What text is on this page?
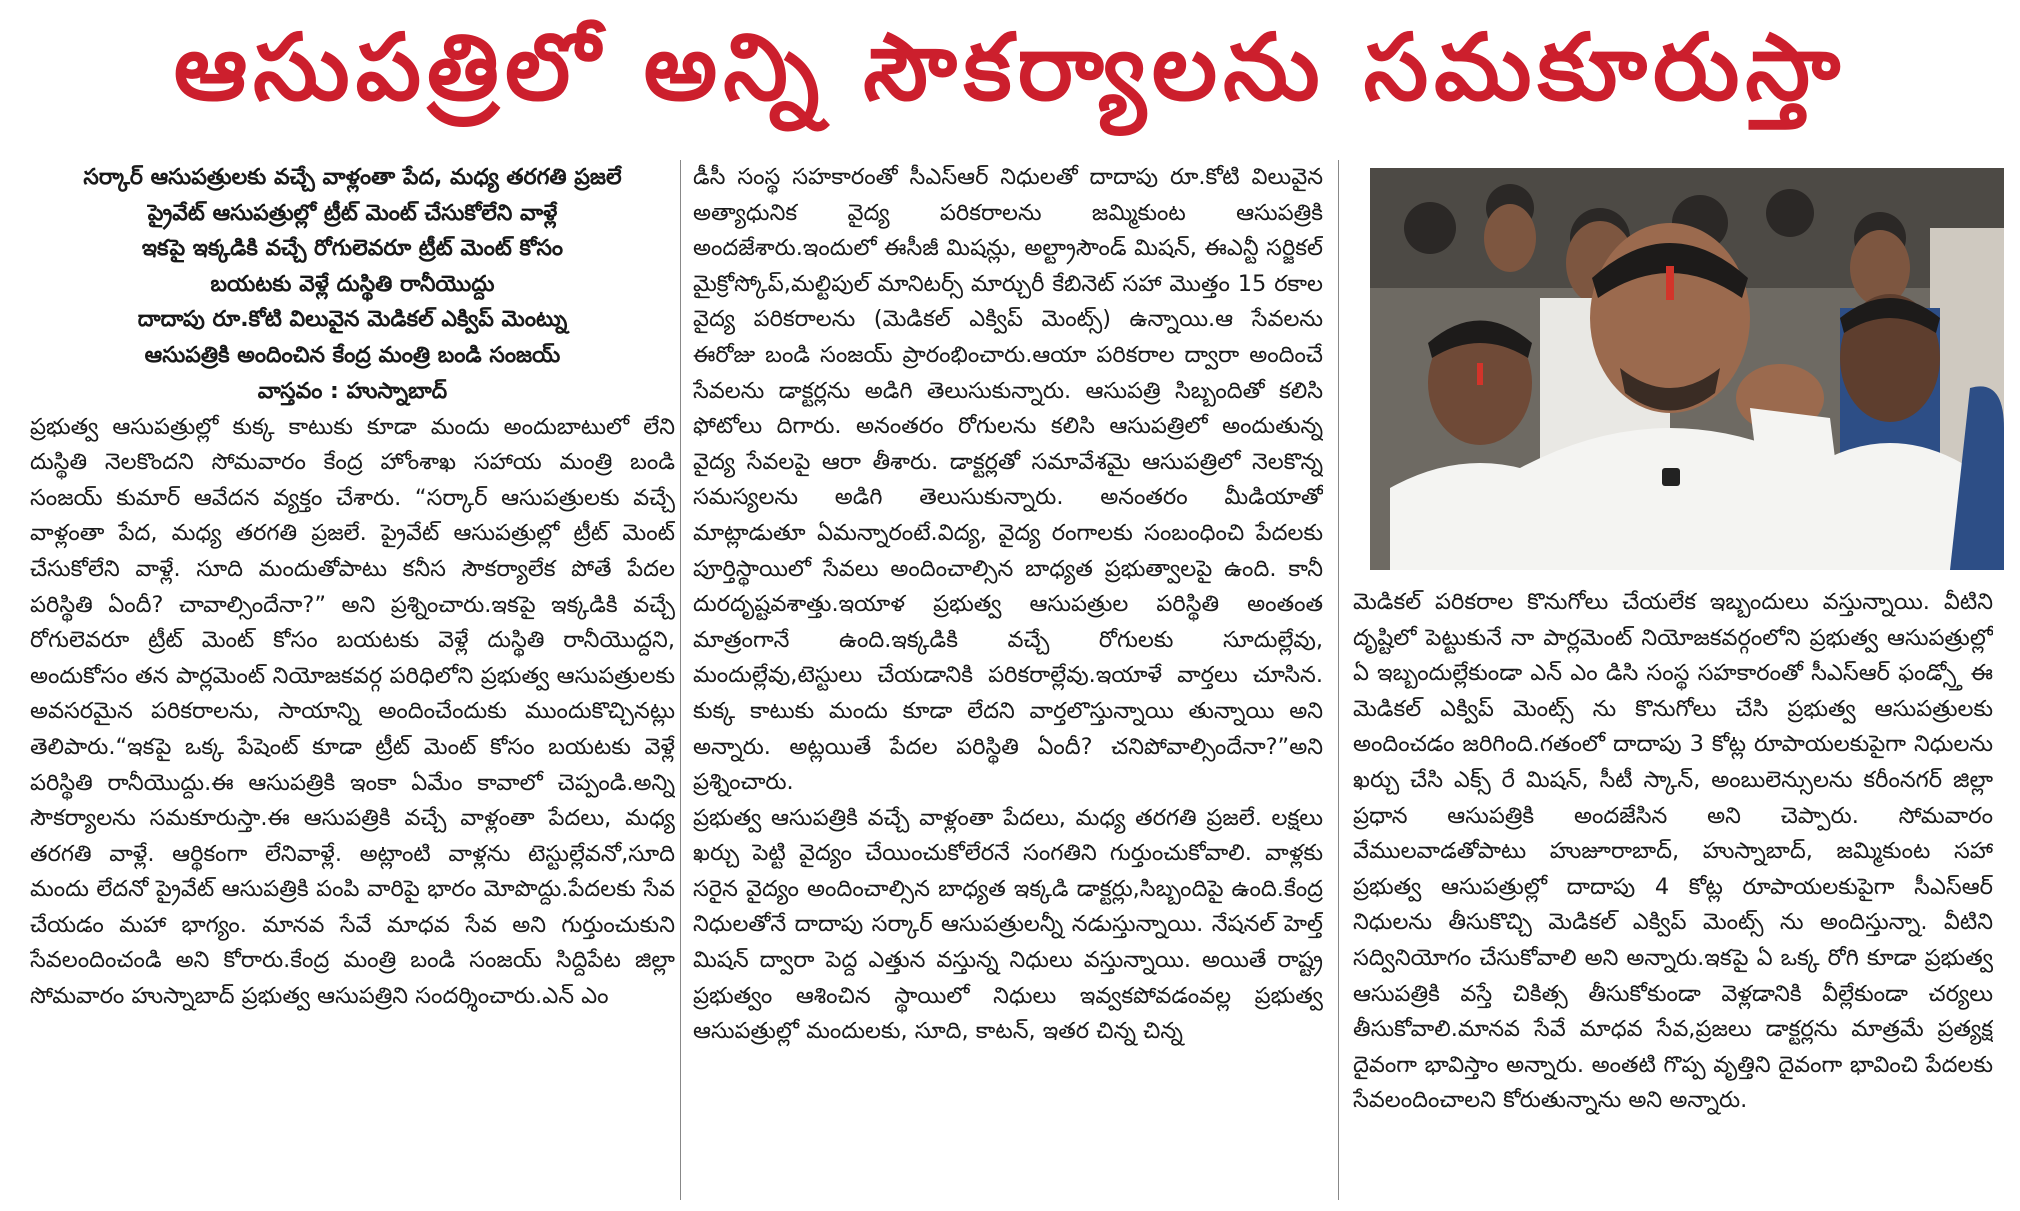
ఆసుపత్రిలో అన్ని సౌకర్యాలను సమకూరుస్తా

సర్కార్ ఆసుపత్రులకు వచ్చే వాళ్లంతా పేద, మధ్య తరగతి ప్రజలే

ప్రైవేట్ ఆసుపత్రుల్లో ట్రీట్ మెంట్ చేసుకోలేని వాళ్లే

ఇకపై ఇక్కడికి వచ్చే రోగులెవరూ ట్రీట్ మెంట్ కోసం

బయటకు వెళ్లే దుస్థితి రానీయొద్దు

దాదాపు రూ.కోటి విలువైన మెడికల్ ఎక్విప్ మెంట్ను

ఆసుపత్రికి అందించిన కేంద్ర మంత్రి బండి సంజయ్

వాస్తవం : హుస్నాబాద్

ప్రభుత్వ ఆసుపత్రుల్లో కుక్క కాటుకు కూడా మందు అందుబాటులో లేని దుస్థితి నెలకొందని సోమవారం కేంద్ర హోంశాఖ సహాయ మంత్రి బండి సంజయ్ కుమార్ ఆవేదన వ్యక్తం చేశారు. “సర్కార్ ఆసుపత్రులకు వచ్చే వాళ్లంతా పేద, మధ్య తరగతి ప్రజలే. ప్రైవేట్ ఆసుపత్రుల్లో ట్రీట్ మెంట్ చేసుకోలేని వాళ్లే. సూది మందుతోపాటు కనీస సౌకర్యాలేక పోతే పేదల పరిస్థితి ఏందీ? చావాల్సిందేనా?” అని ప్రశ్నించారు.ఇకపై ఇక్కడికి వచ్చే రోగులెవరూ ట్రీట్ మెంట్ కోసం బయటకు వెళ్లే దుస్థితి రానీయొద్దని, అందుకోసం తన పార్లమెంట్ నియోజకవర్గ పరిధిలోని ప్రభుత్వ ఆసుపత్రులకు అవసరమైన పరికరాలను, సాయాన్ని అందించేందుకు ముందుకొచ్చినట్లు తెలిపారు.“ఇకపై ఒక్క పేషెంట్ కూడా ట్రీట్ మెంట్ కోసం బయటకు వెళ్లే పరిస్థితి రానీయొద్దు.ఈ ఆసుపత్రికి ఇంకా ఏమేం కావాలో చెప్పండి.అన్ని సౌకర్యాలను సమకూరుస్తా.ఈ ఆసుపత్రికి వచ్చే వాళ్లంతా పేదలు, మధ్య తరగతి వాళ్లే. ఆర్థికంగా లేనివాళ్లే. అట్లాంటి వాళ్లను టెస్టుల్లేవనో,సూది మందు లేదనో ప్రైవేట్ ఆసుపత్రికి పంపి వారిపై భారం మోపొద్దు.పేదలకు సేవ చేయడం మహా భాగ్యం. మానవ సేవే మాధవ సేవ అని గుర్తుంచుకుని సేవలందించండి అని కోరారు.కేంద్ర మంత్రి బండి సంజయ్ సిద్దిపేట జిల్లా సోమవారం హుస్నాబాద్ ప్రభుత్వ ఆసుపత్రిని సందర్శించారు.ఎన్ ఎం

డీసీ సంస్థ సహకారంతో సీఎస్ఆర్ నిధులతో దాదాపు రూ.కోటి విలువైన అత్యాధునిక వైద్య పరికరాలను జమ్మికుంట ఆసుపత్రికి అందజేశారు.ఇందులో ఈసీజీ మిషన్లు, అల్ట్రాసౌండ్ మిషన్, ఈఎన్టీ సర్జికల్ మైక్రోస్కోప్,మల్టిపుల్ మానిటర్స్ మార్చురీ కేబినెట్ సహా మొత్తం 15 రకాల వైద్య పరికరాలను (మెడికల్ ఎక్విప్ మెంట్స్) ఉన్నాయి.ఆ సేవలను ఈరోజు బండి సంజయ్ ప్రారంభించారు.ఆయా పరికరాల ద్వారా అందించే సేవలను డాక్టర్లను అడిగి తెలుసుకున్నారు. ఆసుపత్రి సిబ్బందితో కలిసి ఫోటోలు దిగారు. అనంతరం రోగులను కలిసి ఆసుపత్రిలో అందుతున్న వైద్య సేవలపై ఆరా తీశారు. డాక్టర్లతో సమావేశమై ఆసుపత్రిలో నెలకొన్న సమస్యలను అడిగి తెలుసుకున్నారు. అనంతరం మీడియాతో మాట్లాడుతూ ఏమన్నారంటే.విద్య, వైద్య రంగాలకు సంబంధించి పేదలకు పూర్తిస్థాయిలో సేవలు అందించాల్సిన బాధ్యత ప్రభుత్వాలపై ఉంది. కానీ దురదృష్టవశాత్తు.ఇయాళ ప్రభుత్వ ఆసుపత్రుల పరిస్థితి అంతంత మాత్రంగానే ఉంది.ఇక్కడికి వచ్చే రోగులకు సూదుల్లేవు, మందుల్లేవు,టెస్టులు చేయడానికి పరికరాల్లేవు.ఇయాళే వార్తలు చూసిన. కుక్క కాటుకు మందు కూడా లేదని వార్తలొస్తున్నాయి తున్నాయి అని అన్నారు. అట్లయితే పేదల పరిస్థితి ఏందీ? చనిపోవాల్సిందేనా?”అని ప్రశ్నించారు.

ప్రభుత్వ ఆసుపత్రికి వచ్చే వాళ్లంతా పేదలు, మధ్య తరగతి ప్రజలే. లక్షలు ఖర్చు పెట్టి వైద్యం చేయించుకోలేరనే సంగతిని గుర్తుంచుకోవాలి. వాళ్లకు సరైన వైద్యం అందించాల్సిన బాధ్యత ఇక్కడి డాక్టర్లు,సిబ్బందిపై ఉంది.కేంద్ర నిధులతోనే దాదాపు సర్కార్ ఆసుపత్రులన్నీ నడుస్తున్నాయి. నేషనల్ హెల్త్ మిషన్ ద్వారా పెద్ద ఎత్తున వస్తున్న నిధులు వస్తున్నాయి. అయితే రాష్ట్ర ప్రభుత్వం ఆశించిన స్థాయిలో నిధులు ఇవ్వకపోవడంవల్ల ప్రభుత్వ ఆసుపత్రుల్లో మందులకు, సూది, కాటన్, ఇతర చిన్న చిన్న

మెడికల్ పరికరాల కొనుగోలు చేయలేక ఇబ్బందులు వస్తున్నాయి. వీటిని దృష్టిలో పెట్టుకునే నా పార్లమెంట్ నియోజకవర్గంలోని ప్రభుత్వ ఆసుపత్రుల్లో ఏ ఇబ్బందుల్లేకుండా ఎన్ ఎం డిసి సంస్థ సహకారంతో సీఎస్ఆర్ ఫండ్స్తో ఈ మెడికల్ ఎక్విప్ మెంట్స్ ను కొనుగోలు చేసి ప్రభుత్వ ఆసుపత్రులకు అందించడం జరిగింది.గతంలో దాదాపు 3 కోట్ల రూపాయలకుపైగా నిధులను ఖర్చు చేసి ఎక్స్ రే మిషన్, సీటీ స్కాన్, అంబులెన్సులను కరీంనగర్ జిల్లా ప్రధాన ఆసుపత్రికి అందజేసిన అని చెప్పారు. సోమవారం వేములవాడతోపాటు హుజూరాబాద్, హుస్నాబాద్, జమ్మికుంట సహా ప్రభుత్వ ఆసుపత్రుల్లో దాదాపు 4 కోట్ల రూపాయలకుపైగా సీఎస్ఆర్ నిధులను తీసుకొచ్చి మెడికల్ ఎక్విప్ మెంట్స్ ను అందిస్తున్నా. వీటిని సద్వినియోగం చేసుకోవాలి అని అన్నారు.ఇకపై ఏ ఒక్క రోగి కూడా ప్రభుత్వ ఆసుపత్రికి వస్తే చికిత్స తీసుకోకుండా వెళ్లడానికి వీల్లేకుండా చర్యలు తీసుకోవాలి.మానవ సేవే మాధవ సేవ,ప్రజలు డాక్టర్లను మాత్రమే ప్రత్యక్ష దైవంగా భావిస్తాం అన్నారు. అంతటి గొప్ప వృత్తిని దైవంగా భావించి పేదలకు సేవలందించాలని కోరుతున్నాను అని అన్నారు.
